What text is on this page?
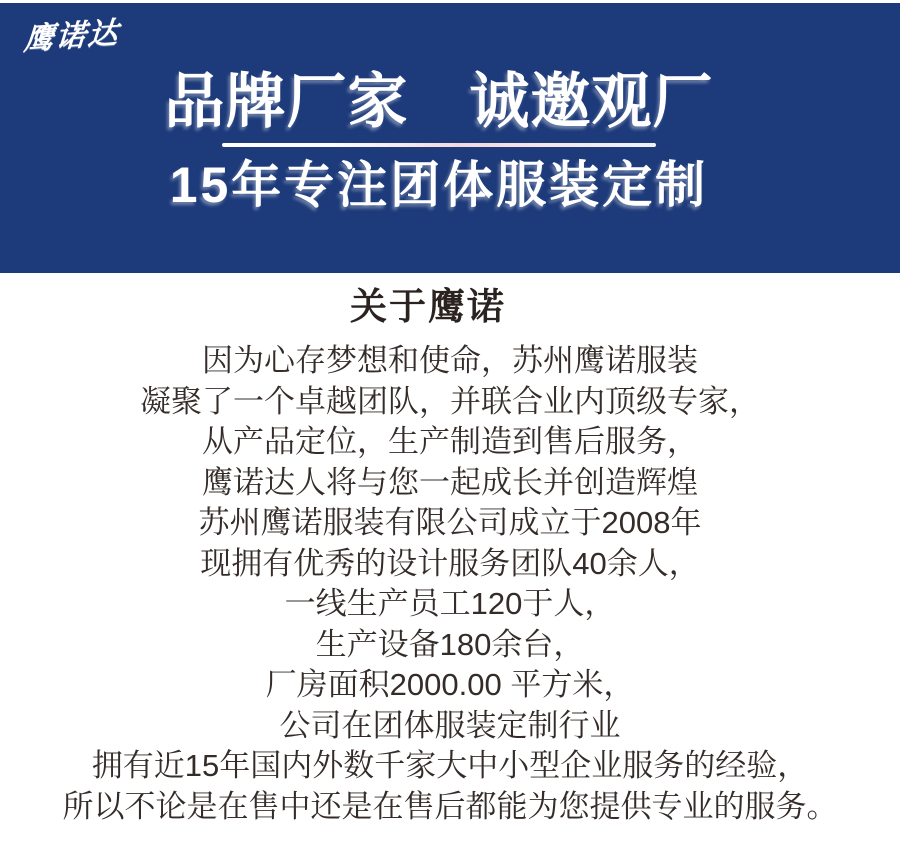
鹰诺达
品牌厂家　诚邀观厂
15年专注团体服装定制
关于鹰诺
因为心存梦想和使命，苏州鹰诺服装
凝聚了一个卓越团队，并联合业内顶级专家，
从产品定位，生产制造到售后服务，
鹰诺达人将与您一起成长并创造辉煌
苏州鹰诺服装有限公司成立于2008年
现拥有优秀的设计服务团队40余人，
一线生产员工120于人，
生产设备180余台，
厂房面积2000.00 平方米，
公司在团体服装定制行业
拥有近15年国内外数千家大中小型企业服务的经验，
所以不论是在售中还是在售后都能为您提供专业的服务。
